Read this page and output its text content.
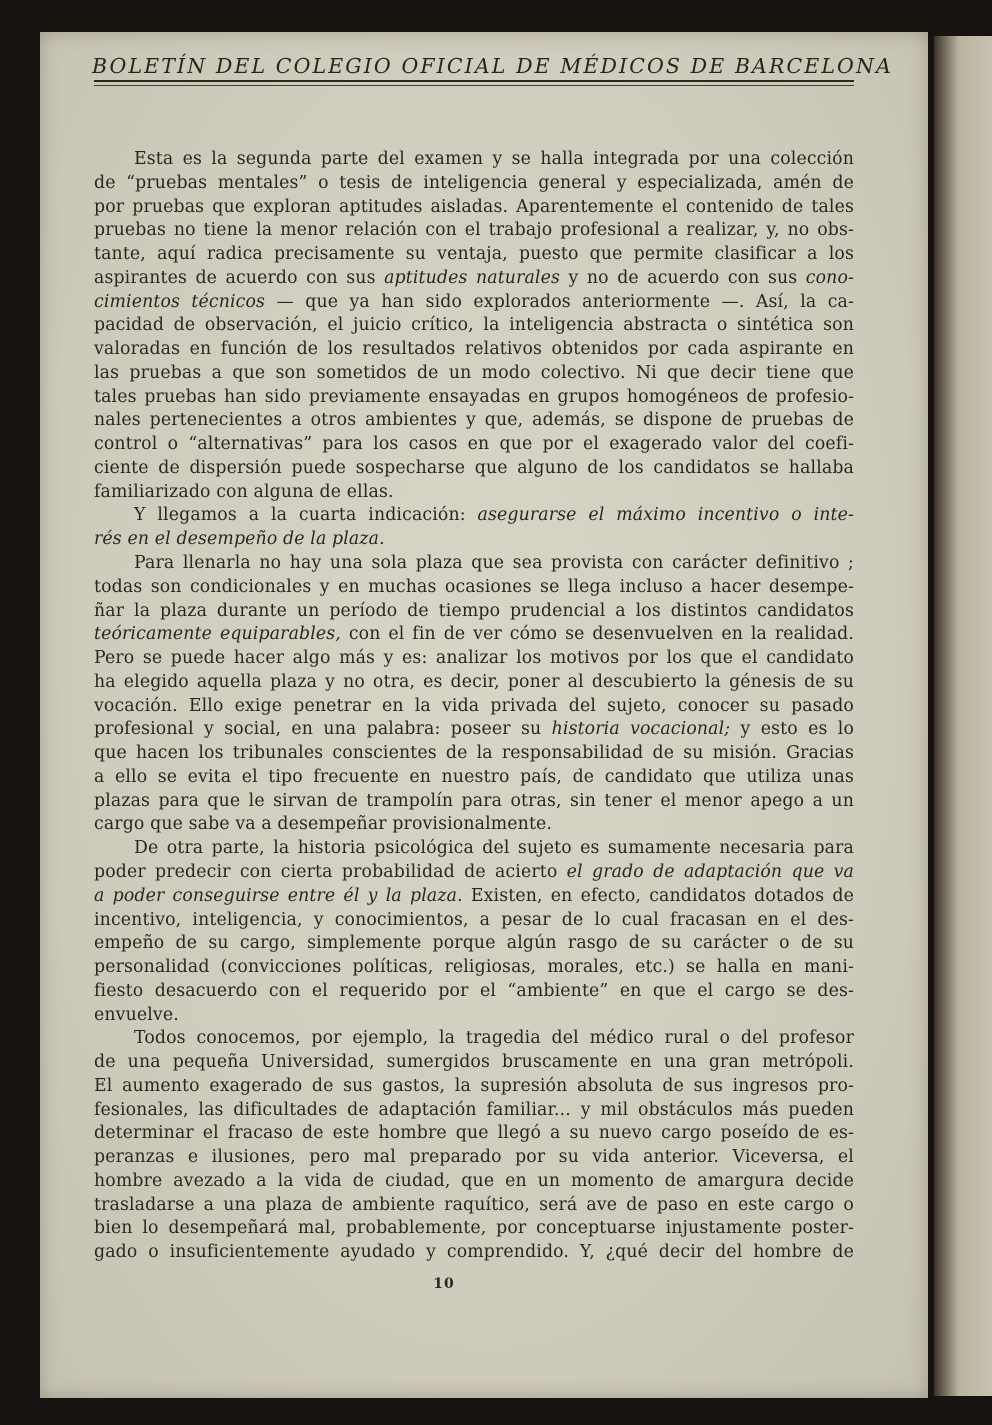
BOLETÍN DEL COLEGIO OFICIAL DE MÉDICOS DE BARCELONA
Esta es la segunda parte del examen y se halla integrada por una colección
de “pruebas mentales” o tesis de inteligencia general y especializada, amén de
por pruebas que exploran aptitudes aisladas. Aparentemente el contenido de tales
pruebas no tiene la menor relación con el trabajo profesional a realizar, y, no obs-
tante, aquí radica precisamente su ventaja, puesto que permite clasificar a los
aspirantes de acuerdo con sus aptitudes naturales y no de acuerdo con sus cono-
cimientos técnicos — que ya han sido explorados anteriormente —. Así, la ca-
pacidad de observación, el juicio crítico, la inteligencia abstracta o sintética son
valoradas en función de los resultados relativos obtenidos por cada aspirante en
las pruebas a que son sometidos de un modo colectivo. Ni que decir tiene que
tales pruebas han sido previamente ensayadas en grupos homogéneos de profesio-
nales pertenecientes a otros ambientes y que, además, se dispone de pruebas de
control o “alternativas” para los casos en que por el exagerado valor del coefi-
ciente de dispersión puede sospecharse que alguno de los candidatos se hallaba
familiarizado con alguna de ellas.
Y llegamos a la cuarta indicación: asegurarse el máximo incentivo o inte-
rés en el desempeño de la plaza.
Para llenarla no hay una sola plaza que sea provista con carácter definitivo ;
todas son condicionales y en muchas ocasiones se llega incluso a hacer desempe-
ñar la plaza durante un período de tiempo prudencial a los distintos candidatos
teóricamente equiparables, con el fin de ver cómo se desenvuelven en la realidad.
Pero se puede hacer algo más y es: analizar los motivos por los que el candidato
ha elegido aquella plaza y no otra, es decir, poner al descubierto la génesis de su
vocación. Ello exige penetrar en la vida privada del sujeto, conocer su pasado
profesional y social, en una palabra: poseer su historia vocacional; y esto es lo
que hacen los tribunales conscientes de la responsabilidad de su misión. Gracias
a ello se evita el tipo frecuente en nuestro país, de candidato que utiliza unas
plazas para que le sirvan de trampolín para otras, sin tener el menor apego a un
cargo que sabe va a desempeñar provisionalmente.
De otra parte, la historia psicológica del sujeto es sumamente necesaria para
poder predecir con cierta probabilidad de acierto el grado de adaptación que va
a poder conseguirse entre él y la plaza. Existen, en efecto, candidatos dotados de
incentivo, inteligencia, y conocimientos, a pesar de lo cual fracasan en el des-
empeño de su cargo, simplemente porque algún rasgo de su carácter o de su
personalidad (convicciones políticas, religiosas, morales, etc.) se halla en mani-
fiesto desacuerdo con el requerido por el “ambiente” en que el cargo se des-
envuelve.
Todos conocemos, por ejemplo, la tragedia del médico rural o del profesor
de una pequeña Universidad, sumergidos bruscamente en una gran metrópoli.
El aumento exagerado de sus gastos, la supresión absoluta de sus ingresos pro-
fesionales, las dificultades de adaptación familiar... y mil obstáculos más pueden
determinar el fracaso de este hombre que llegó a su nuevo cargo poseído de es-
peranzas e ilusiones, pero mal preparado por su vida anterior. Viceversa, el
hombre avezado a la vida de ciudad, que en un momento de amargura decide
trasladarse a una plaza de ambiente raquítico, será ave de paso en este cargo o
bien lo desempeñará mal, probablemente, por conceptuarse injustamente poster-
gado o insuficientemente ayudado y comprendido. Y, ¿qué decir del hombre de
10
